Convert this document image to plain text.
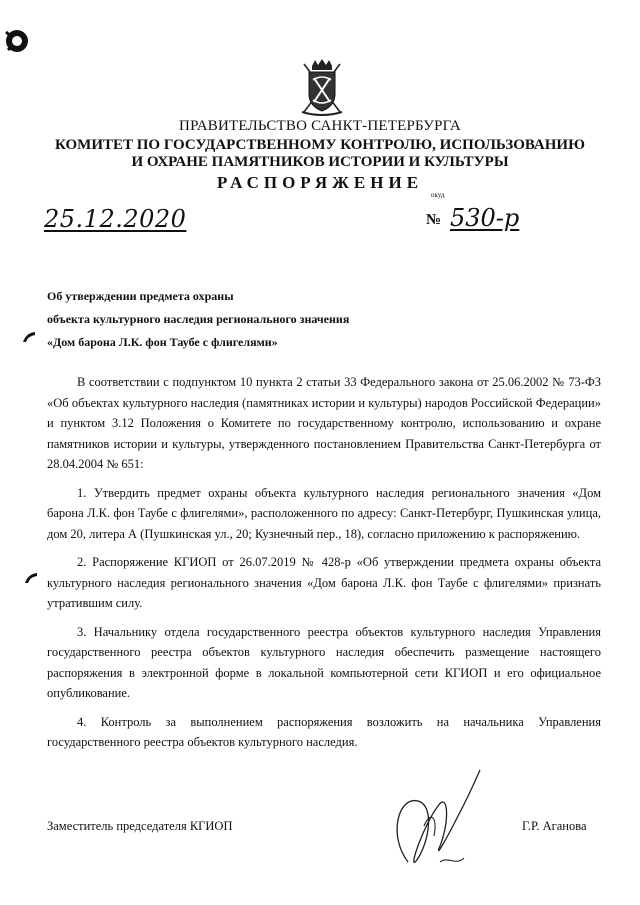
ПРАВИТЕЛЬСТВО САНКТ-ПЕТЕРБУРГА
КОМИТЕТ ПО ГОСУДАРСТВЕННОМУ КОНТРОЛЮ, ИСПОЛЬЗОВАНИЮ
И ОХРАНЕ ПАМЯТНИКОВ ИСТОРИИ И КУЛЬТУРЫ
РАСПОРЯЖЕНИЕ
окуд
25.12.2020	№ 530-р
Об утверждении предмета охраны
объекта культурного наследия регионального значения
«Дом барона Л.К. фон Таубе с флигелями»

В соответствии с подпунктом 10 пункта 2 статьи 33 Федерального закона от 25.06.2002 № 73-ФЗ «Об объектах культурного наследия (памятниках истории и культуры) народов Российской Федерации» и пунктом 3.12 Положения о Комитете по государственному контролю, использованию и охране памятников истории и культуры, утвержденного постановлением Правительства Санкт-Петербурга от 28.04.2004 № 651:

1. Утвердить предмет охраны объекта культурного наследия регионального значения «Дом барона Л.К. фон Таубе с флигелями», расположенного по адресу: Санкт-Петербург, Пушкинская улица, дом 20, литера А (Пушкинская ул., 20; Кузнечный пер., 18), согласно приложению к распоряжению.

2. Распоряжение КГИОП от 26.07.2019 № 428-р «Об утверждении предмета охраны объекта культурного наследия регионального значения «Дом барона Л.К. фон Таубе с флигелями» признать утратившим силу.

3. Начальнику отдела государственного реестра объектов культурного наследия Управления государственного реестра объектов культурного наследия обеспечить размещение настоящего распоряжения в электронной форме в локальной компьютерной сети КГИОП и его официальное опубликование.

4. Контроль за выполнением распоряжения возложить на начальника Управления государственного реестра объектов культурного наследия.

Заместитель председателя КГИОП	Г.Р. Аганова
